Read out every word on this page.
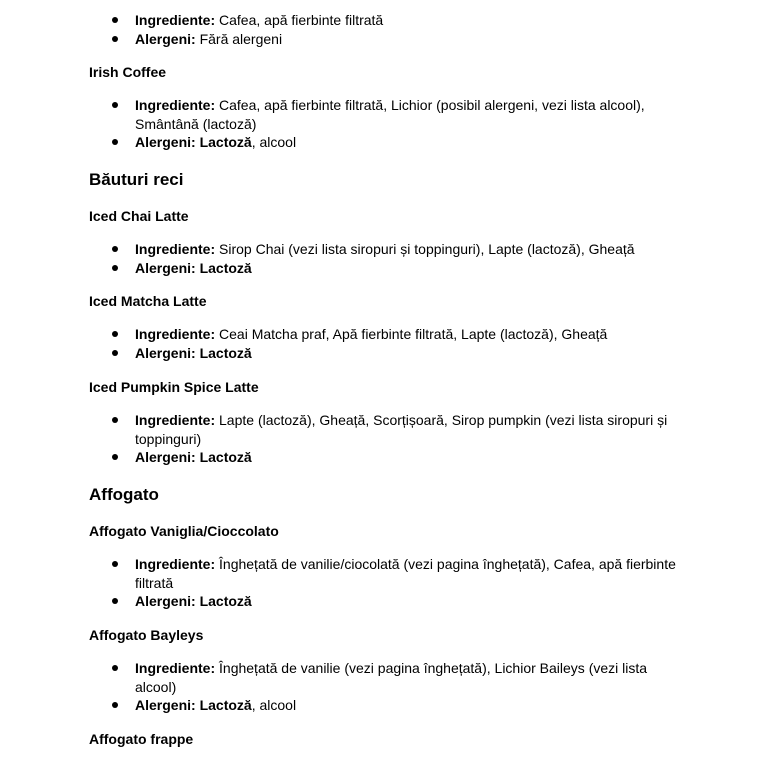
Ingrediente: Cafea, apă fierbinte filtrată
Alergeni: Fără alergeni
Irish Coffee
Ingrediente: Cafea, apă fierbinte filtrată, Lichior (posibil alergeni, vezi lista alcool), Smântână (lactoză)
Alergeni: Lactoză, alcool
Băuturi reci
Iced Chai Latte
Ingrediente: Sirop Chai (vezi lista siropuri și toppinguri), Lapte (lactoză), Gheață
Alergeni: Lactoză
Iced Matcha Latte
Ingrediente: Ceai Matcha praf, Apă fierbinte filtrată, Lapte (lactoză), Gheață
Alergeni: Lactoză
Iced Pumpkin Spice Latte
Ingrediente: Lapte (lactoză), Gheață, Scorțișoară, Sirop pumpkin (vezi lista siropuri și toppinguri)
Alergeni: Lactoză
Affogato
Affogato Vaniglia/Cioccolato
Ingrediente: Înghețată de vanilie/ciocolată (vezi pagina înghețată), Cafea, apă fierbinte filtrată
Alergeni: Lactoză
Affogato Bayleys
Ingrediente: Înghețată de vanilie (vezi pagina înghețată), Lichior Baileys (vezi lista alcool)
Alergeni: Lactoză, alcool
Affogato frappe
